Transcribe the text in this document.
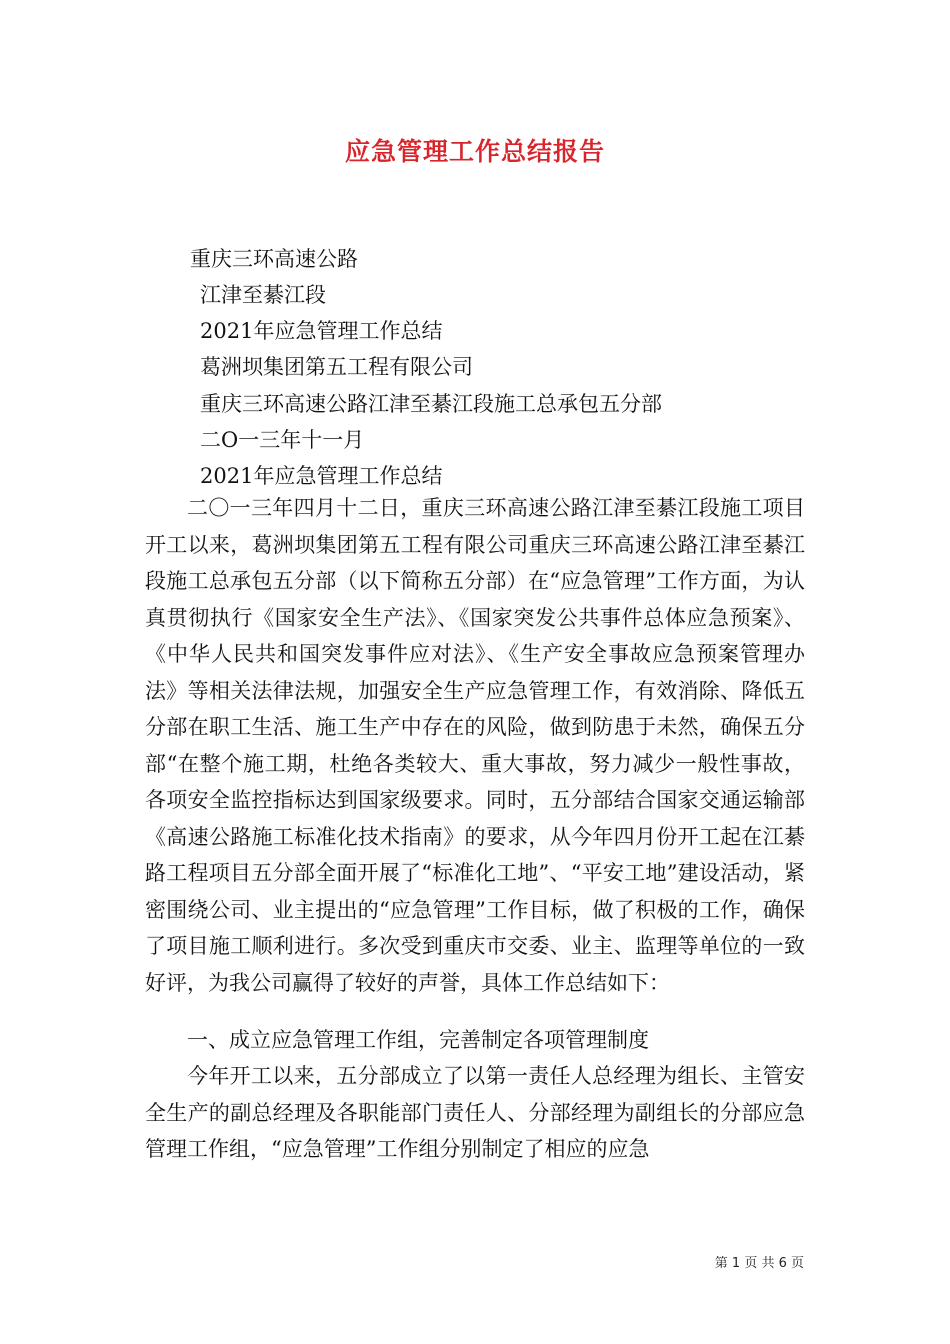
应急管理工作总结报告
重庆三环高速公路
江津至綦江段
2021年应急管理工作总结
葛洲坝集团第五工程有限公司
重庆三环高速公路江津至綦江段施工总承包五分部
二O一三年十一月
2021年应急管理工作总结

二〇一三年四月十二日，重庆三环高速公路江津至綦江段施工项目开工以来，葛洲坝集团第五工程有限公司重庆三环高速公路江津至綦江段施工总承包五分部（以下简称五分部）在“应急管理”工作方面，为认真贯彻执行《国家安全生产法》、《国家突发公共事件总体应急预案》、《中华人民共和国突发事件应对法》、《生产安全事故应急预案管理办法》等相关法律法规，加强安全生产应急管理工作，有效消除、降低五分部在职工生活、施工生产中存在的风险，做到防患于未然，确保五分部“在整个施工期，杜绝各类较大、重大事故，努力减少一般性事故，各项安全监控指标达到国家级要求。同时，五分部结合国家交通运输部《高速公路施工标准化技术指南》的要求，从今年四月份开工起在江綦路工程项目五分部全面开展了“标准化工地”、“平安工地”建设活动，紧密围绕公司、业主提出的“应急管理”工作目标，做了积极的工作，确保了项目施工顺利进行。多次受到重庆市交委、业主、监理等单位的一致好评，为我公司赢得了较好的声誉，具体工作总结如下：

一、成立应急管理工作组，完善制定各项管理制度

今年开工以来，五分部成立了以第一责任人总经理为组长、主管安全生产的副总经理及各职能部门责任人、分部经理为副组长的分部应急管理工作组，“应急管理”工作组分别制定了相应的应急

第 1 页 共 6 页
